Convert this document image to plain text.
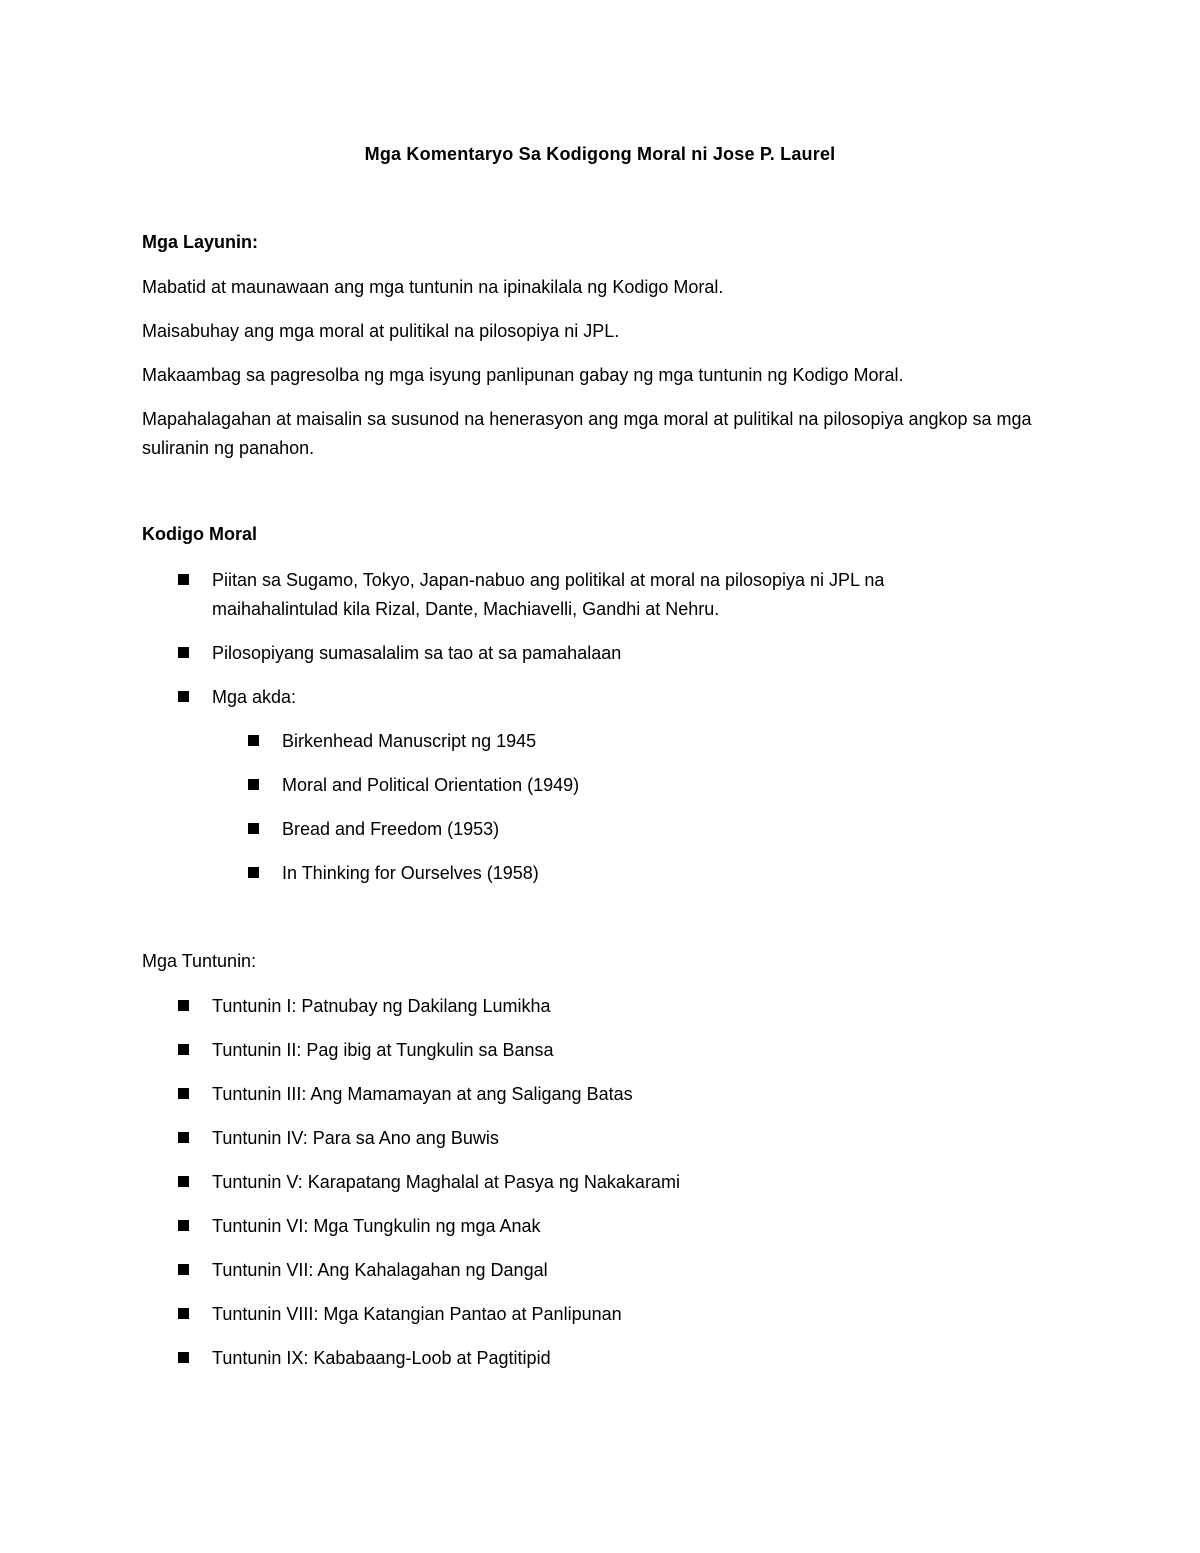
Mga Komentaryo Sa Kodigong Moral ni Jose P. Laurel
Mga Layunin:
Mabatid at maunawaan ang mga tuntunin na ipinakilala ng Kodigo Moral.
Maisabuhay ang mga moral at pulitikal na pilosopiya ni JPL.
Makaambag sa pagresolba ng mga isyung panlipunan gabay ng mga tuntunin ng Kodigo Moral.
Mapahalagahan at maisalin sa susunod na henerasyon ang mga moral at pulitikal na pilosopiya angkop sa mga suliranin ng panahon.
Kodigo Moral
Piitan sa Sugamo, Tokyo, Japan-nabuo ang politikal at moral na pilosopiya ni JPL na maihahalintulad kila Rizal, Dante, Machiavelli, Gandhi at Nehru.
Pilosopiyang sumasalalim sa tao at sa pamahalaan
Mga akda:
Birkenhead Manuscript ng 1945
Moral and Political Orientation (1949)
Bread and Freedom (1953)
In Thinking for Ourselves (1958)
Mga Tuntunin:
Tuntunin I: Patnubay ng Dakilang Lumikha
Tuntunin II: Pag ibig at Tungkulin sa Bansa
Tuntunin III: Ang Mamamayan at ang Saligang Batas
Tuntunin IV: Para sa Ano ang Buwis
Tuntunin V: Karapatang Maghalal at Pasya ng Nakakarami
Tuntunin VI: Mga Tungkulin ng mga Anak
Tuntunin VII: Ang Kahalagahan ng Dangal
Tuntunin VIII: Mga Katangian Pantao at Panlipunan
Tuntunin IX: Kababaang-Loob at Pagtitipid
